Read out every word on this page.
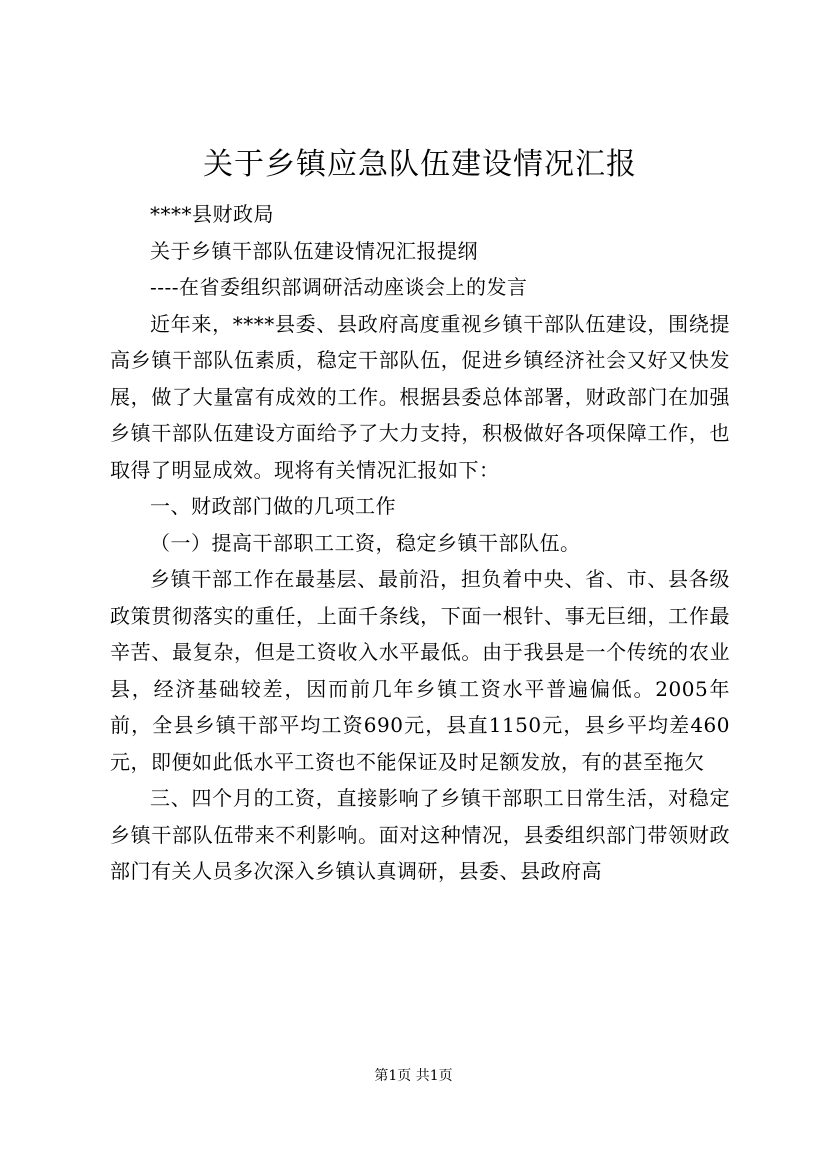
关于乡镇应急队伍建设情况汇报

****县财政局

关于乡镇干部队伍建设情况汇报提纲

----在省委组织部调研活动座谈会上的发言

近年来，****县委、县政府高度重视乡镇干部队伍建设，围绕提高乡镇干部队伍素质，稳定干部队伍，促进乡镇经济社会又好又快发展，做了大量富有成效的工作。根据县委总体部署，财政部门在加强乡镇干部队伍建设方面给予了大力支持，积极做好各项保障工作，也取得了明显成效。现将有关情况汇报如下：

一、财政部门做的几项工作

（一）提高干部职工工资，稳定乡镇干部队伍。

乡镇干部工作在最基层、最前沿，担负着中央、省、市、县各级政策贯彻落实的重任，上面千条线，下面一根针、事无巨细，工作最辛苦、最复杂，但是工资收入水平最低。由于我县是一个传统的农业县，经济基础较差，因而前几年乡镇工资水平普遍偏低。2005年前，全县乡镇干部平均工资690元，县直1150元，县乡平均差460元，即便如此低水平工资也不能保证及时足额发放，有的甚至拖欠

三、四个月的工资，直接影响了乡镇干部职工日常生活，对稳定乡镇干部队伍带来不利影响。面对这种情况，县委组织部门带领财政部门有关人员多次深入乡镇认真调研，县委、县政府高

第1页 共1页
